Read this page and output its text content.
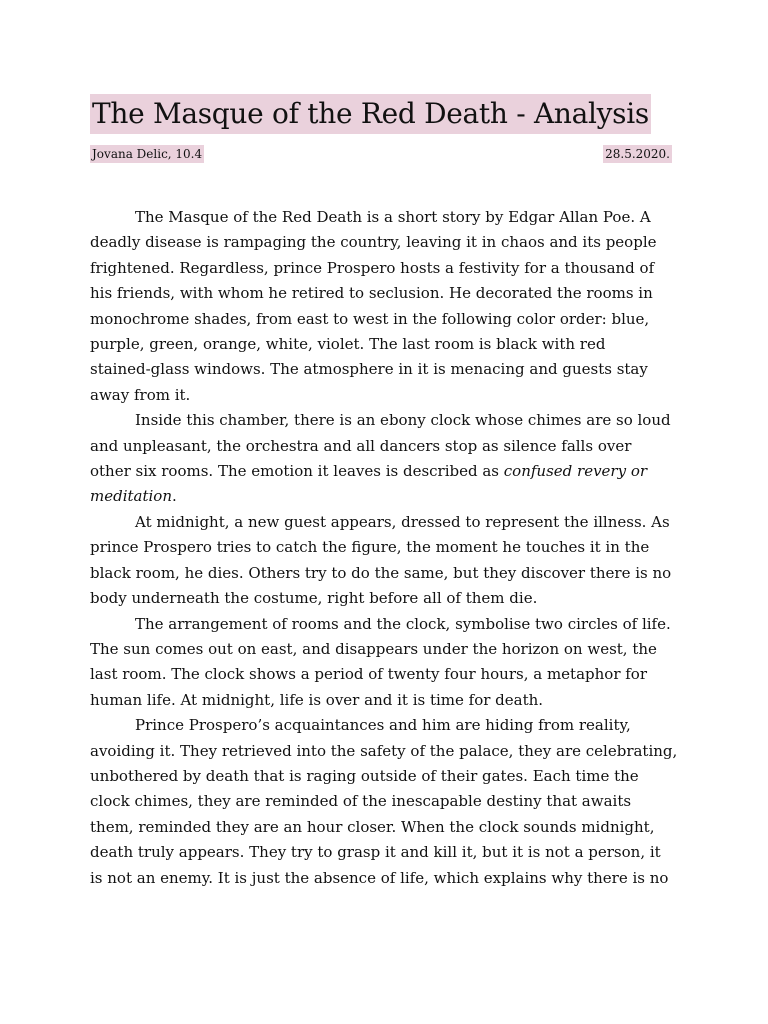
The Masque of the Red Death - Analysis
Jovana Delic, 10.4	28.5.2020.
The Masque of the Red Death is a short story by Edgar Allan Poe. A
deadly disease is rampaging the country, leaving it in chaos and its people
frightened. Regardless, prince Prospero hosts a festivity for a thousand of
his friends, with whom he retired to seclusion. He decorated the rooms in
monochrome shades, from east to west in the following color order: blue,
purple, green, orange, white, violet. The last room is black with red
stained-glass windows. The atmosphere in it is menacing and guests stay
away from it.
Inside this chamber, there is an ebony clock whose chimes are so loud
and unpleasant, the orchestra and all dancers stop as silence falls over
other six rooms. The emotion it leaves is described as confused revery or
meditation.
At midnight, a new guest appears, dressed to represent the illness. As
prince Prospero tries to catch the figure, the moment he touches it in the
black room, he dies. Others try to do the same, but they discover there is no
body underneath the costume, right before all of them die.
The arrangement of rooms and the clock, symbolise two circles of life.
The sun comes out on east, and disappears under the horizon on west, the
last room. The clock shows a period of twenty four hours, a metaphor for
human life. At midnight, life is over and it is time for death.
Prince Prospero’s acquaintances and him are hiding from reality,
avoiding it. They retrieved into the safety of the palace, they are celebrating,
unbothered by death that is raging outside of their gates. Each time the
clock chimes, they are reminded of the inescapable destiny that awaits
them, reminded they are an hour closer. When the clock sounds midnight,
death truly appears. They try to grasp it and kill it, but it is not a person, it
is not an enemy. It is just the absence of life, which explains why there is no
